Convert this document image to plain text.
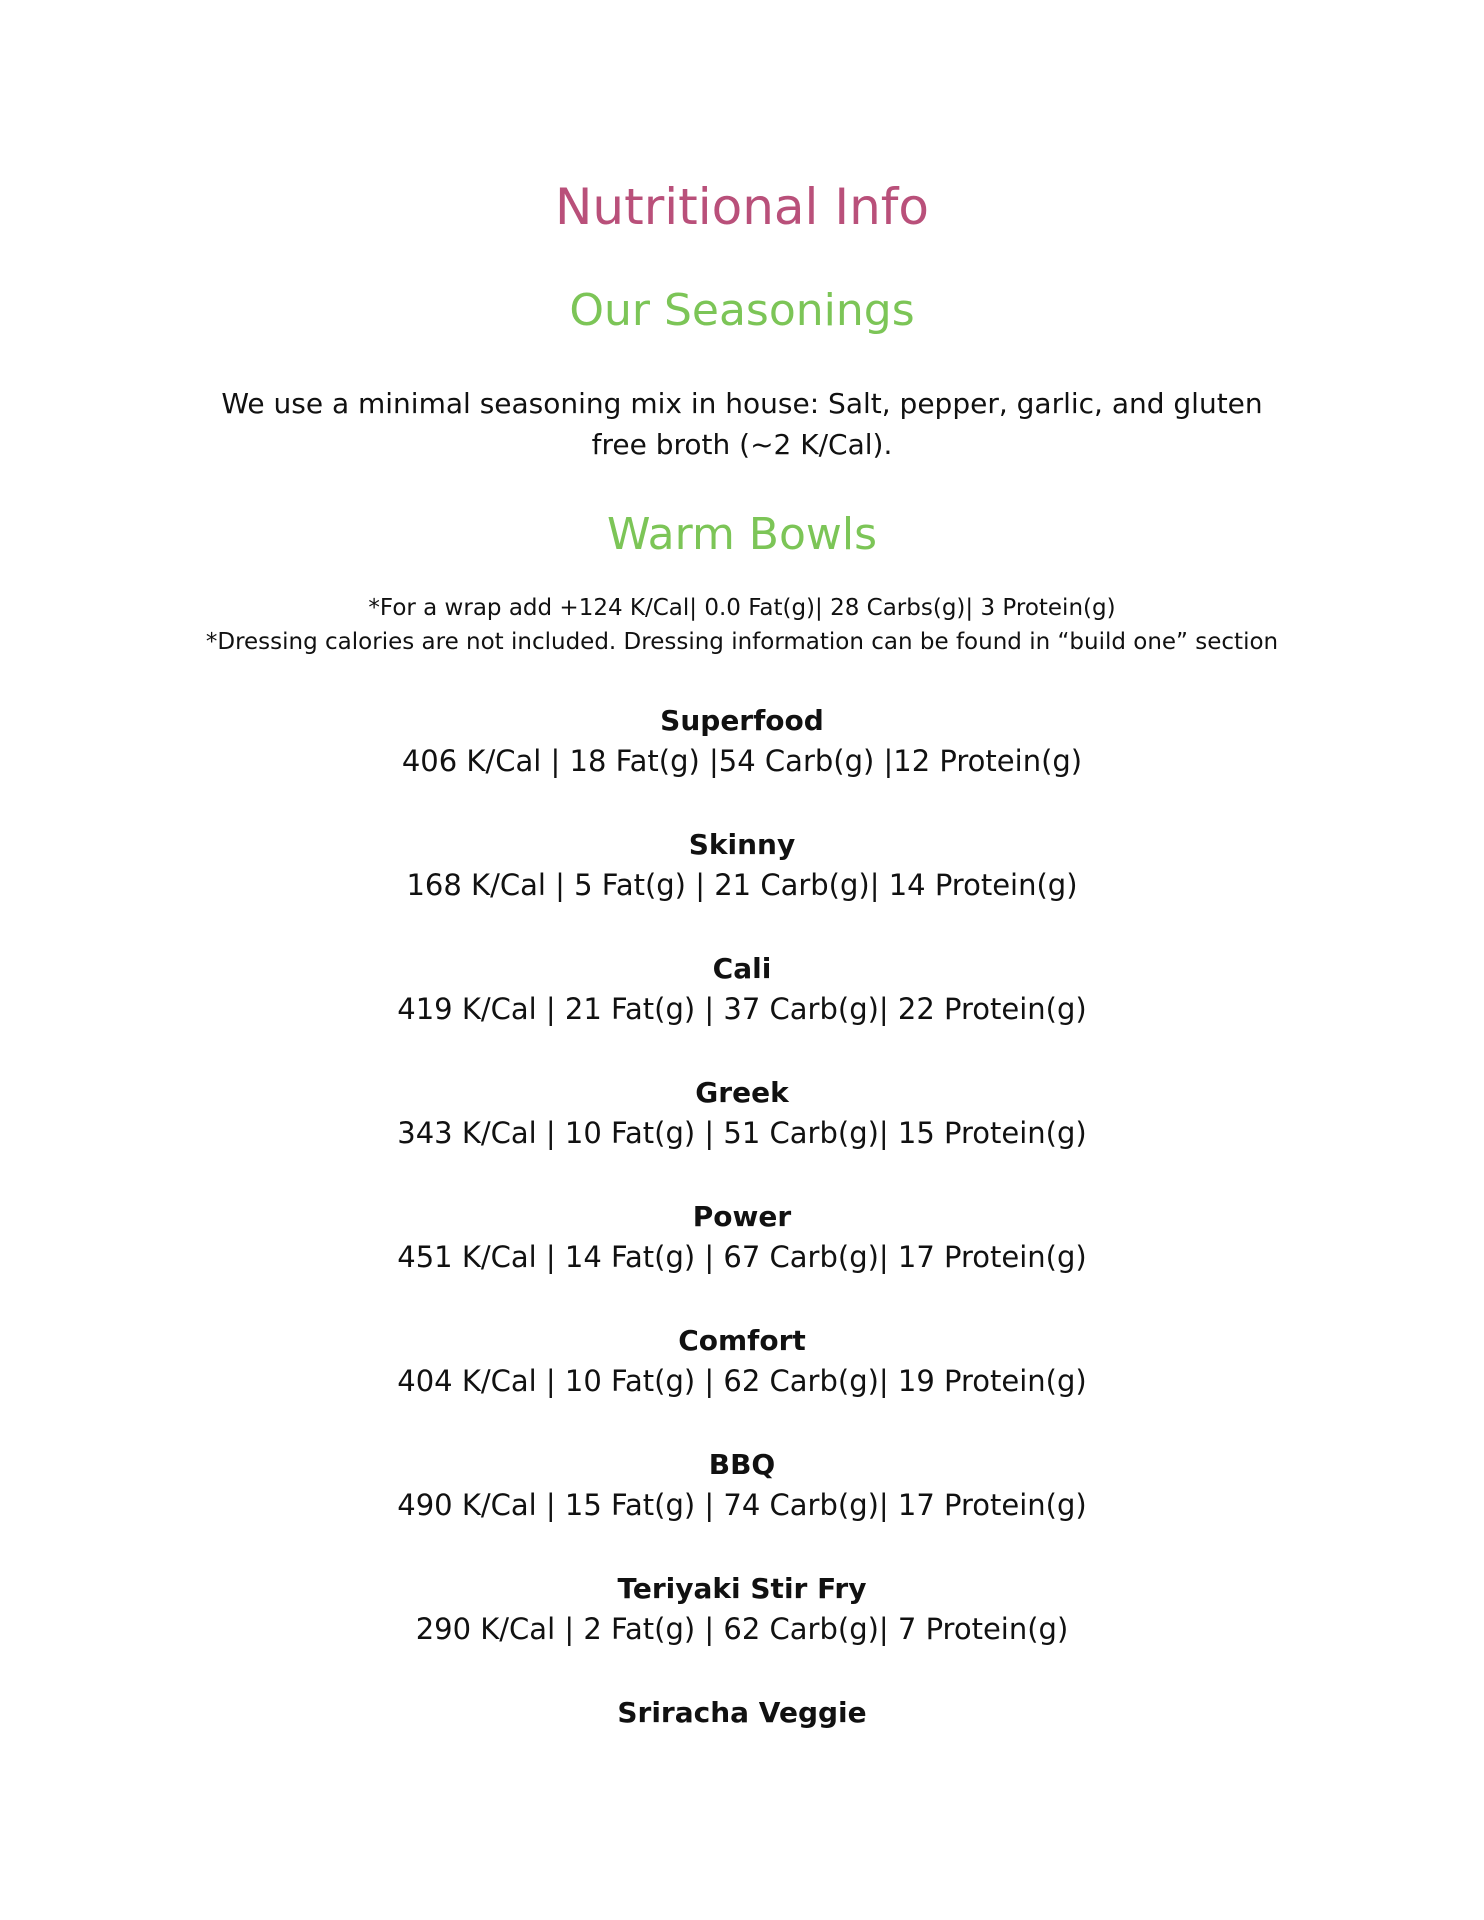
Nutritional Info
Our Seasonings

We use a minimal seasoning mix in house: Salt, pepper, garlic, and gluten free broth (~2 K/Cal).

Warm Bowls

*For a wrap add +124 K/Cal| 0.0 Fat(g)| 28 Carbs(g)| 3 Protein(g)

*Dressing calories are not included. Dressing information can be found in “build one” section

Superfood
406 K/Cal | 18 Fat(g) |54 Carb(g) |12 Protein(g)
Skinny
168 K/Cal | 5 Fat(g) | 21 Carb(g)| 14 Protein(g)
Cali
419 K/Cal | 21 Fat(g) | 37 Carb(g)| 22 Protein(g)
Greek
343 K/Cal | 10 Fat(g) | 51 Carb(g)| 15 Protein(g)
Power
451 K/Cal | 14 Fat(g) | 67 Carb(g)| 17 Protein(g)
Comfort
404 K/Cal | 10 Fat(g) | 62 Carb(g)| 19 Protein(g)
BBQ
490 K/Cal | 15 Fat(g) | 74 Carb(g)| 17 Protein(g)
Teriyaki Stir Fry
290 K/Cal | 2 Fat(g) | 62 Carb(g)| 7 Protein(g)
Sriracha Veggie
